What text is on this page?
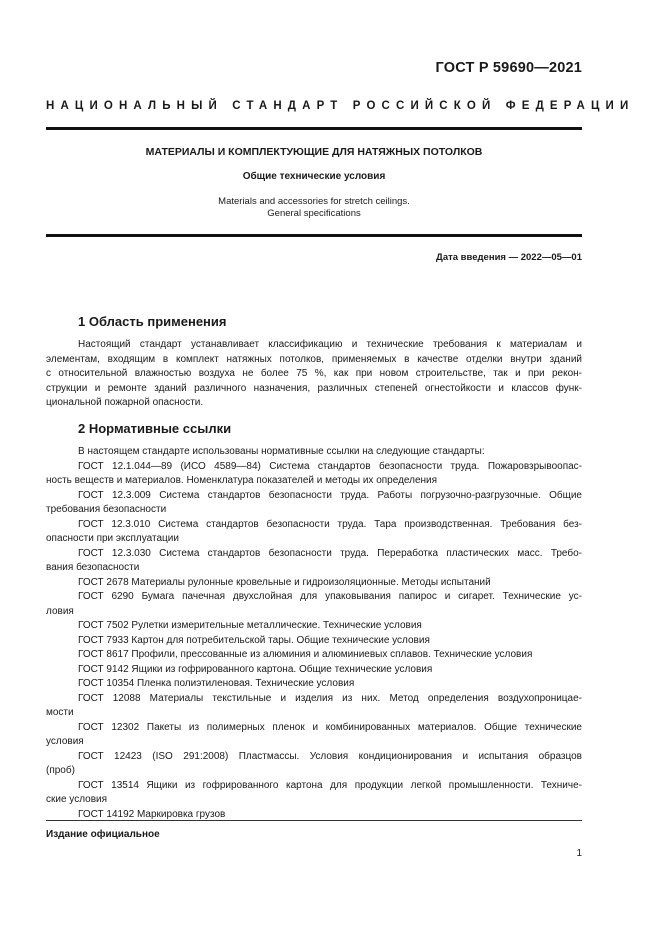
ГОСТ Р 59690—2021
НАЦИОНАЛЬНЫЙ СТАНДАРТ РОССИЙСКОЙ ФЕДЕРАЦИИ
МАТЕРИАЛЫ И КОМПЛЕКТУЮЩИЕ ДЛЯ НАТЯЖНЫХ ПОТОЛКОВ
Общие технические условия
Materials and accessories for stretch ceilings.
General specifications
Дата введения — 2022—05—01
1 Область применения
Настоящий стандарт устанавливает классификацию и технические требования к материалам и
элементам, входящим в комплект натяжных потолков, применяемых в качестве отделки внутри зданий
с относительной влажностью воздуха не более 75 %, как при новом строительстве, так и при рекон-
струкции и ремонте зданий различного назначения, различных степеней огнестойкости и классов функ-
циональной пожарной опасности.
2 Нормативные ссылки
В настоящем стандарте использованы нормативные ссылки на следующие стандарты:
ГОСТ 12.1.044—89 (ИСО 4589—84) Система стандартов безопасности труда. Пожаровзрывоопас-
ность веществ и материалов. Номенклатура показателей и методы их определения
ГОСТ 12.3.009 Система стандартов безопасности труда. Работы погрузочно-разгрузочные. Общие
требования безопасности
ГОСТ 12.3.010 Система стандартов безопасности труда. Тара производственная. Требования без-
опасности при эксплуатации
ГОСТ 12.3.030 Система стандартов безопасности труда. Переработка пластических масс. Требо-
вания безопасности
ГОСТ 2678 Материалы рулонные кровельные и гидроизоляционные. Методы испытаний
ГОСТ 6290 Бумага пачечная двухслойная для упаковывания папирос и сигарет. Технические ус-
ловия
ГОСТ 7502 Рулетки измерительные металлические. Технические условия
ГОСТ 7933 Картон для потребительской тары. Общие технические условия
ГОСТ 8617 Профили, прессованные из алюминия и алюминиевых сплавов. Технические условия
ГОСТ 9142 Ящики из гофрированного картона. Общие технические условия
ГОСТ 10354 Пленка полиэтиленовая. Технические условия
ГОСТ 12088 Материалы текстильные и изделия из них. Метод определения воздухопроницае-
мости
ГОСТ 12302 Пакеты из полимерных пленок и комбинированных материалов. Общие технические
условия
ГОСТ 12423 (ISO 291:2008) Пластмассы. Условия кондиционирования и испытания образцов
(проб)
ГОСТ 13514 Ящики из гофрированного картона для продукции легкой промышленности. Техниче-
ские условия
ГОСТ 14192 Маркировка грузов
Издание официальное
1
